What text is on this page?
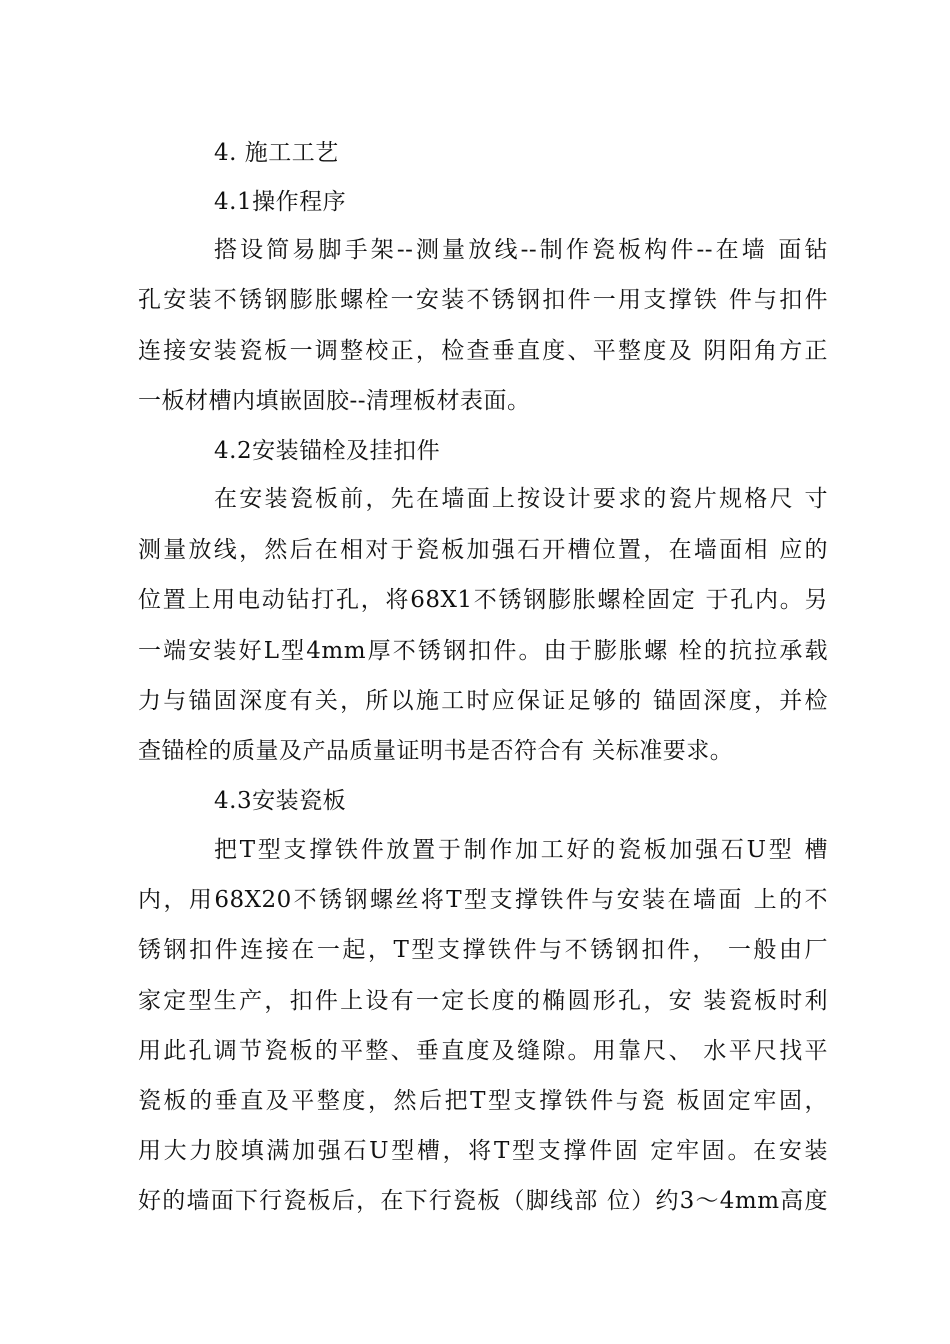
4. 施工工艺
4.1操作程序
搭设简易脚手架--测量放线--制作瓷板构件--在墙 面钻
孔安装不锈钢膨胀螺栓一安装不锈钢扣件一用支撑铁 件与扣件
连接安装瓷板一调整校正，检查垂直度、平整度及 阴阳角方正
一板材槽内填嵌固胶--清理板材表面。
4.2安装锚栓及挂扣件
在安装瓷板前，先在墙面上按设计要求的瓷片规格尺 寸
测量放线，然后在相对于瓷板加强石开槽位置，在墙面相 应的
位置上用电动钻打孔，将68X1不锈钢膨胀螺栓固定 于孔内。另
一端安装好L型4mm厚不锈钢扣件。由于膨胀螺 栓的抗拉承载
力与锚固深度有关，所以施工时应保证足够的 锚固深度，并检
查锚栓的质量及产品质量证明书是否符合有 关标准要求。
4.3安装瓷板
把T型支撑铁件放置于制作加工好的瓷板加强石U型 槽
内，用68X20不锈钢螺丝将T型支撑铁件与安装在墙面 上的不
锈钢扣件连接在一起，T型支撑铁件与不锈钢扣件， 一般由厂
家定型生产，扣件上设有一定长度的椭圆形孔，安 装瓷板时利
用此孔调节瓷板的平整、垂直度及缝隙。用靠尺、 水平尺找平
瓷板的垂直及平整度，然后把T型支撑铁件与瓷 板固定牢固，
用大力胶填满加强石U型槽，将T型支撑件固 定牢固。在安装
好的墙面下行瓷板后，在下行瓷板（脚线部 位）约3〜4mm高度
